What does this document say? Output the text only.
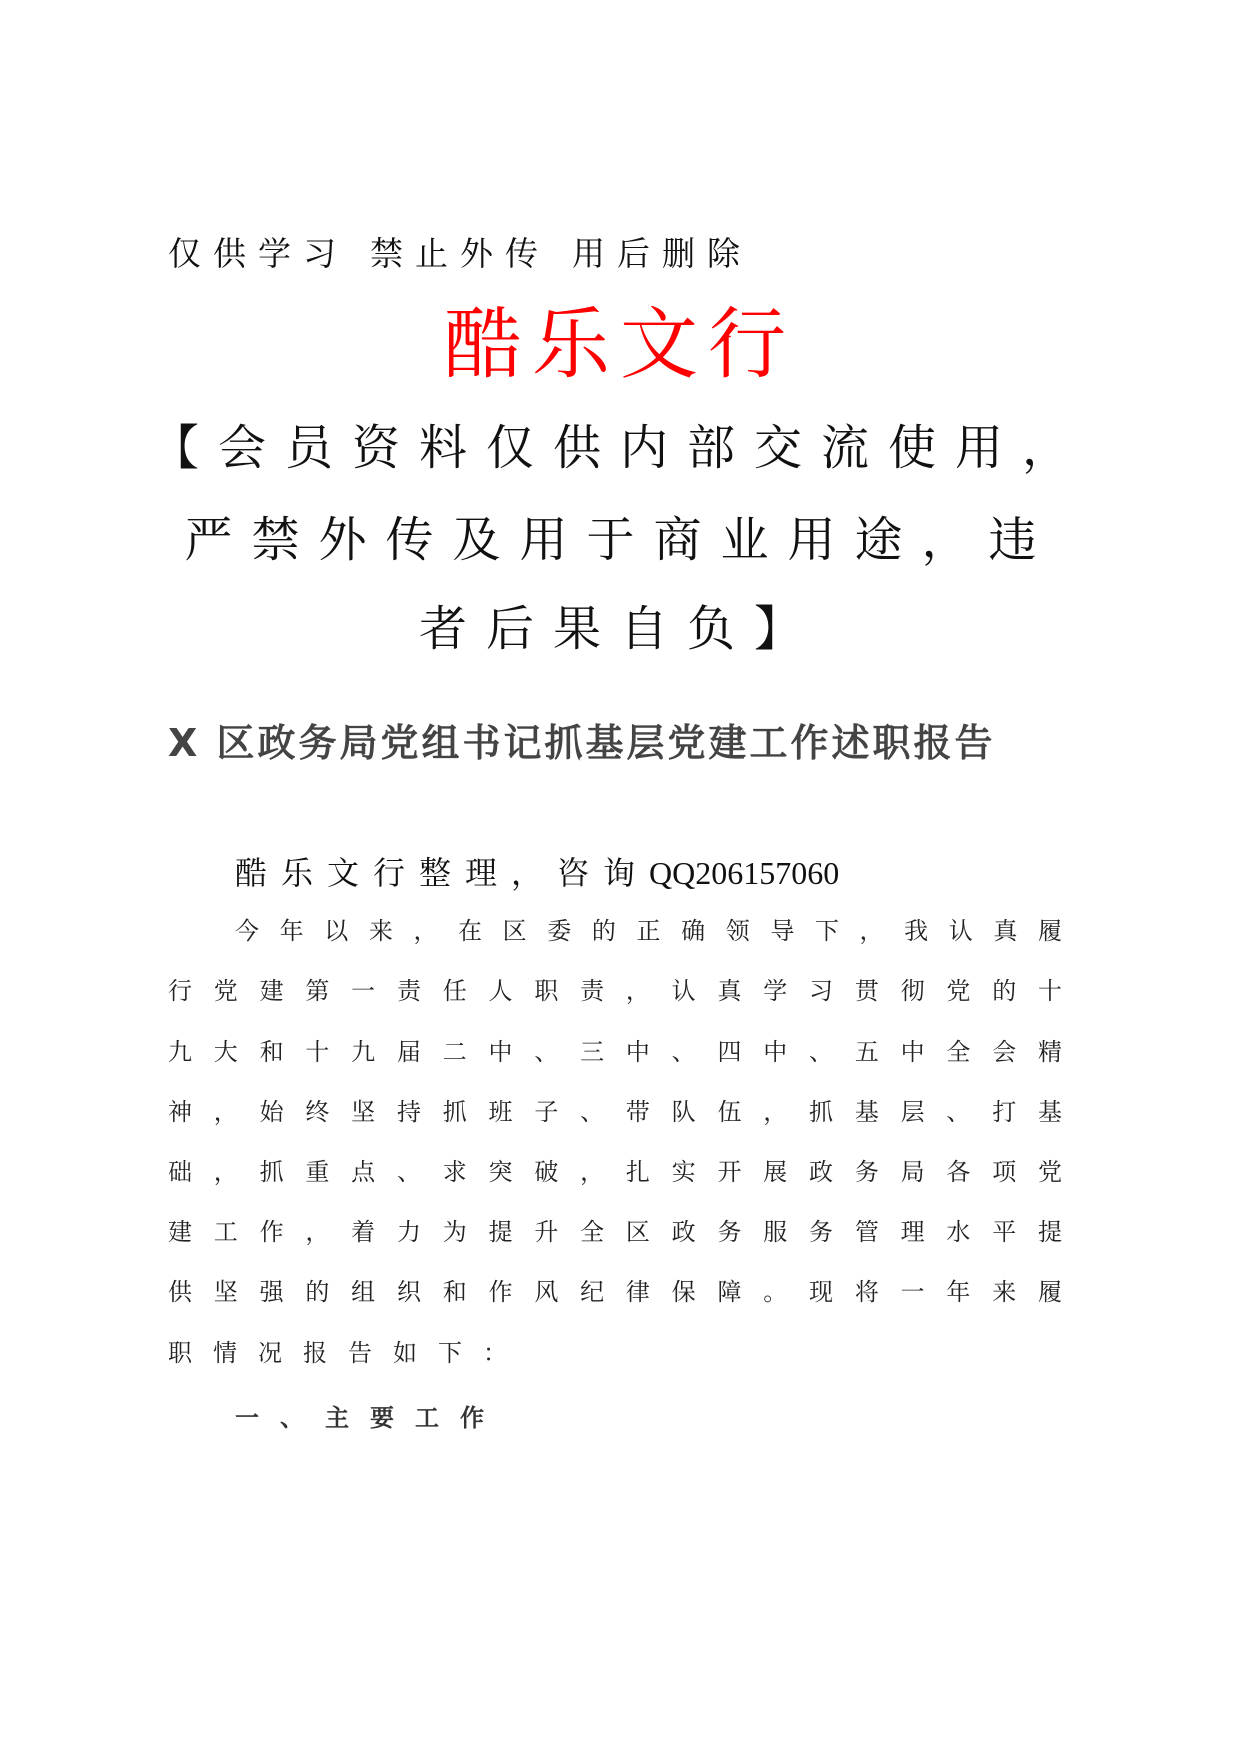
仅供学习 禁止外传 用后删除
酷乐文行
【会员资料仅供内部交流使用，
严禁外传及用于商业用途，违
者后果自负】
X 区政务局党组书记抓基层党建工作述职报告
酷乐文行整理，咨询QQ206157060
今年以来，在区委的正确领导下，我认真履
行党建第一责任人职责，认真学习贯彻党的十
九大和十九届二中、三中、四中、五中全会精
神，始终坚持抓班子、带队伍，抓基层、打基
础，抓重点、求突破，扎实开展政务局各项党
建工作，着力为提升全区政务服务管理水平提
供坚强的组织和作风纪律保障。现将一年来履
职情况报告如下：
一、主要工作
